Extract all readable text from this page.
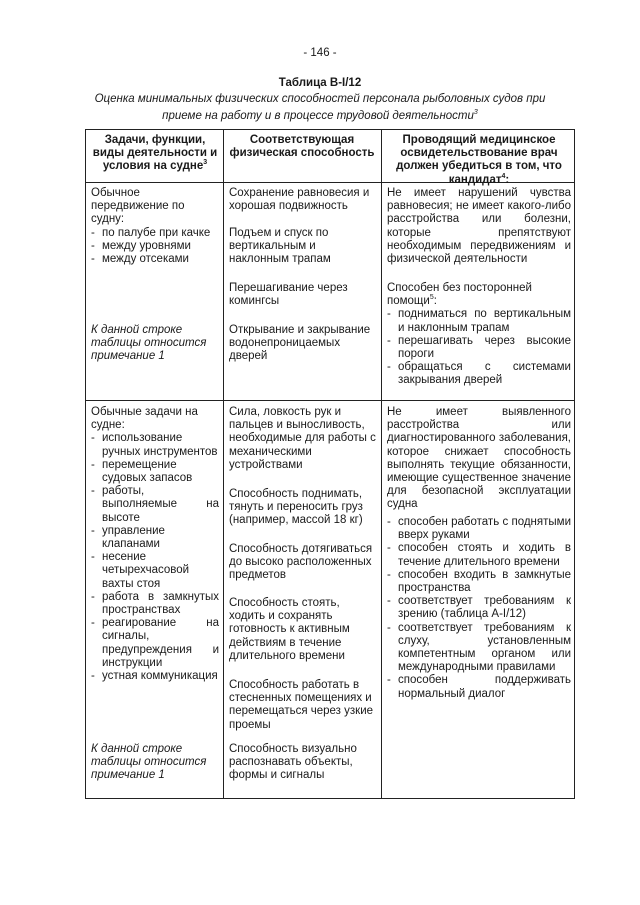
- 146 -
Таблица B-I/12
Оценка минимальных физических способностей персонала рыболовных судов при приеме на работу и в процессе трудовой деятельности$^3$
Задачи, функции, виды деятельности и условия на судне$^3$
Соответствующая физическая способность
Проводящий медицинское освидетельствование врач должен убедиться в том, что кандидат$^4$:

Обычное передвижение по судну:

- по палубе при качке
- между уровнями
- между отсеками
К данной строке таблицы относится примечание 1

Сохранение равновесия и хорошая подвижность

Подъем и спуск по вертикальным и наклонным трапам

Перешагивание через комингсы

Открывание и закрывание водонепроницаемых дверей

Не имеет нарушений чувства равновесия; не имеет какого-либо расстройства или болезни, которые препятствуют необходимым передвижениям и физической деятельности

Способен без посторонней помощи$^5$:

- подниматься по вертикальным и наклонным трапам
- перешагивать через высокие пороги
- обращаться с системами закрывания дверей

Обычные задачи на судне:

- использование ручных инструментов
- перемещение судовых запасов
- работы, выполняемые на высоте
- управление клапанами
- несение четырехчасовой вахты стоя
- работа в замкнутых пространствах
- реагирование на сигналы, предупреждения и инструкции
- устная коммуникация
К данной строке таблицы относится примечание 1

Сила, ловкость рук и пальцев и выносливость, необходимые для работы с механическими устройствами

Способность поднимать, тянуть и переносить груз (например, массой 18 кг)

Способность дотягиваться до высоко расположенных предметов

Способность стоять, ходить и сохранять готовность к активным действиям в течение длительного времени

Способность работать в стесненных помещениях и перемещаться через узкие проемы

Способность визуально распознавать объекты, формы и сигналы

Не имеет выявленного расстройства или диагностированного заболевания, которое снижает способность выполнять текущие обязанности, имеющие существенное значение для безопасной эксплуатации судна

- способен работать с поднятыми вверх руками
- способен стоять и ходить в течение длительного времени
- способен входить в замкнутые пространства
- соответствует требованиям к зрению (таблица A-I/12)
- соответствует требованиям к слуху, установленным компетентным органом или международными правилами
- способен поддерживать нормальный диалог
